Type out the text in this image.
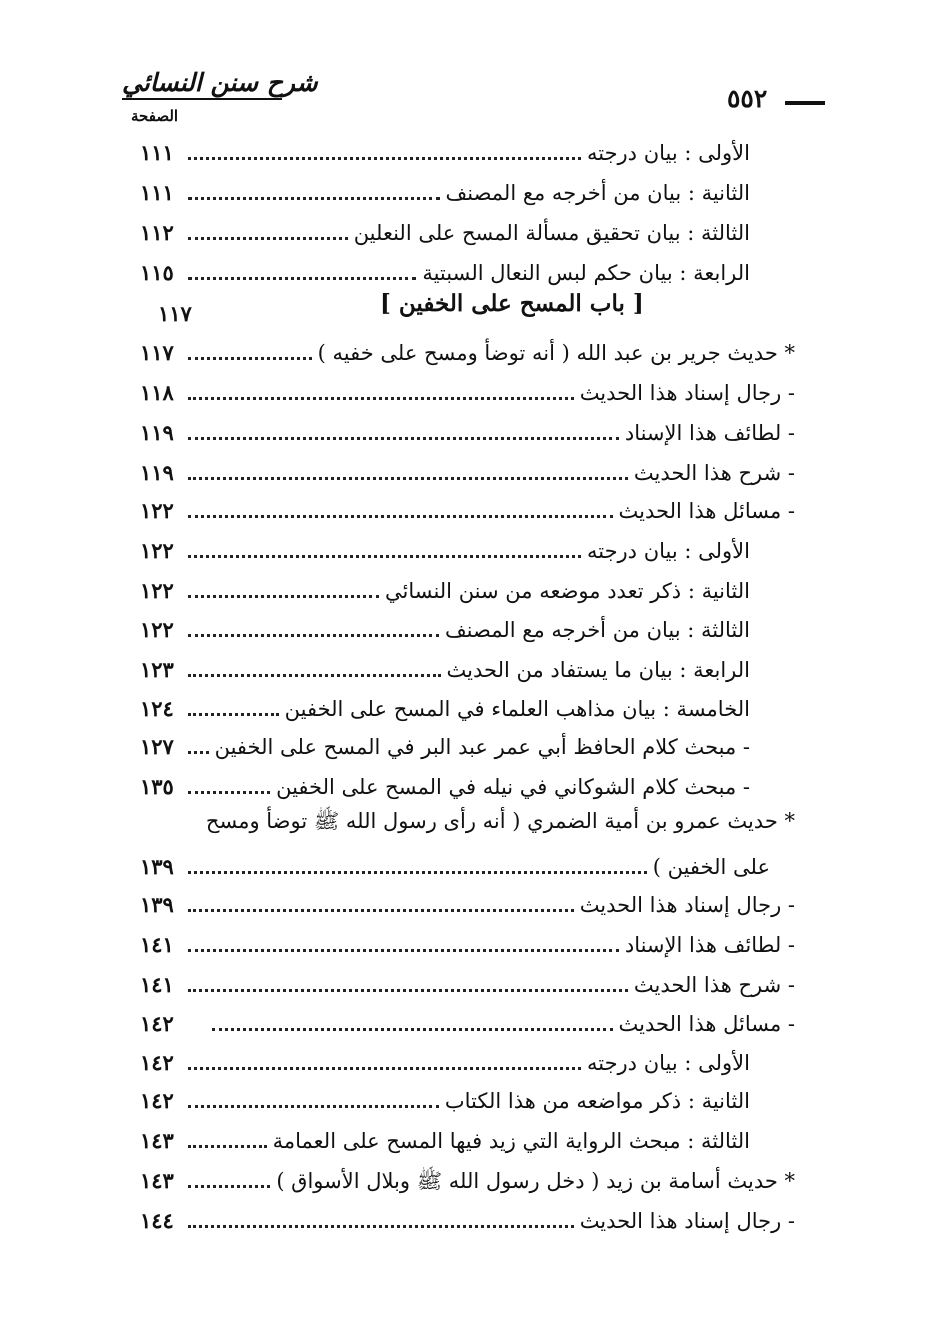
شرح سنن النسائي
٥٥٢
الصفحة
الأولى : بيان درجته
١١١
الثانية : بيان من أخرجه مع المصنف
١١١
الثالثة : بيان تحقيق مسألة المسح على النعلين
١١٢
الرابعة : بيان حكم لبس النعال السبتية
١١٥
[ باب المسح على الخفين ]
١١٧
* حديث جرير بن عبد الله ( أنه توضأ ومسح على خفيه )
١١٧
- رجال إسناد هذا الحديث
١١٨
- لطائف هذا الإسناد
١١٩
- شرح هذا الحديث
١١٩
- مسائل هذا الحديث
١٢٢
الأولى : بيان درجته
١٢٢
الثانية : ذكر تعدد موضعه من سنن النسائي
١٢٢
الثالثة : بيان من أخرجه مع المصنف
١٢٢
الرابعة : بيان ما يستفاد من الحديث
١٢٣
الخامسة : بيان مذاهب العلماء في المسح على الخفين
١٢٤
- مبحث كلام الحافظ أبي عمر عبد البر في المسح على الخفين
١٢٧
- مبحث كلام الشوكاني في نيله في المسح على الخفين
١٣٥
* حديث عمرو بن أمية الضمري ( أنه رأى رسول الله ﷺ توضأ ومسح
على الخفين )
١٣٩
- رجال إسناد هذا الحديث
١٣٩
- لطائف هذا الإسناد
١٤١
- شرح هذا الحديث
١٤١
- مسائل هذا الحديث
١٤٢
الأولى : بيان درجته
١٤٢
الثانية : ذكر مواضعه من هذا الكتاب
١٤٢
الثالثة : مبحث الرواية التي زيد فيها المسح على العمامة
١٤٣
* حديث أسامة بن زيد ( دخل رسول الله ﷺ وبلال الأسواق )
١٤٣
- رجال إسناد هذا الحديث
١٤٤
